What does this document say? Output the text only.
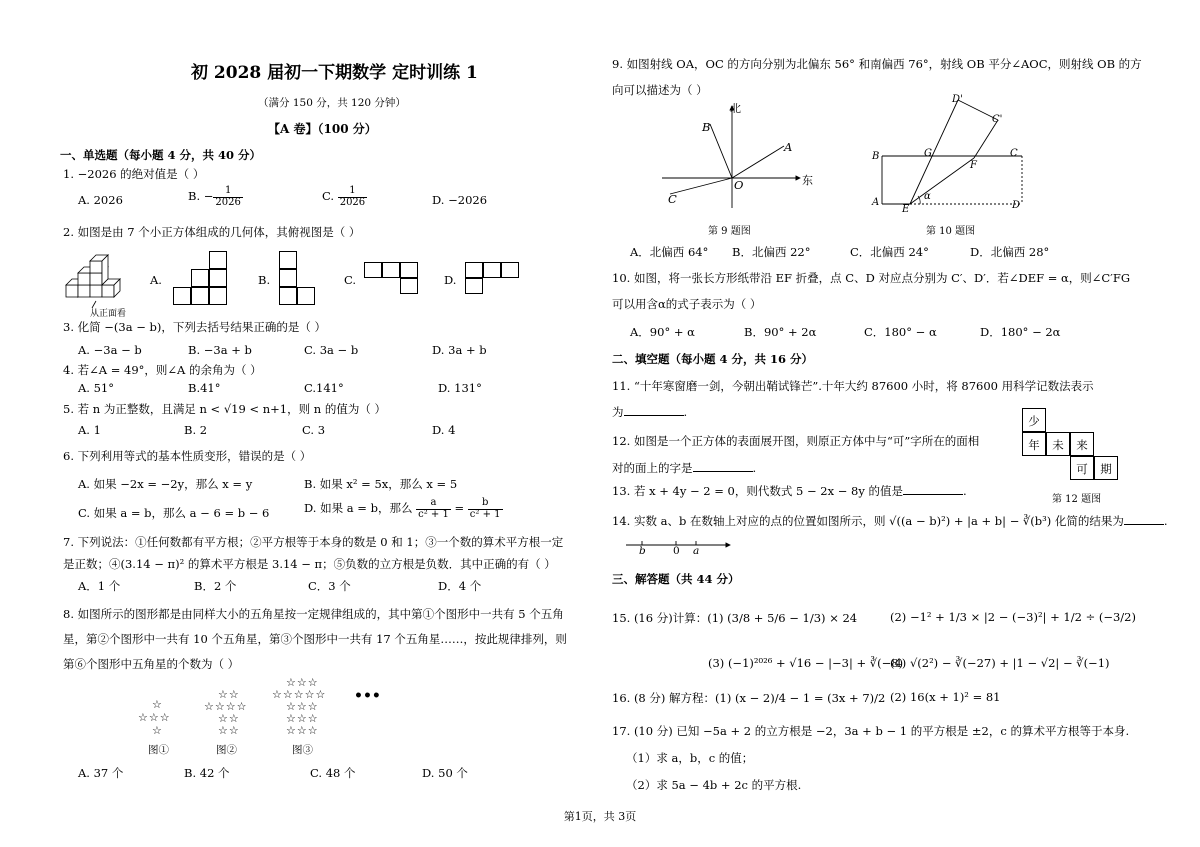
初 2028 届初一下期数学 定时训练 1
（满分 150 分，共 120 分钟）
【A 卷】（100 分）
一、单选题（每小题 4 分，共 40 分）
1. −2026 的绝对值是（ ）
A. 2026	B. − $\frac{1}{2026}$	C. $\frac{1}{2026}$	D. −2026
2. 如图是由 7 个小正方体组成的几何体，其俯视图是（ ）
从正面看
A.	B.	C.	D.
3. 化简 −(3a − b)，下列去括号结果正确的是（ ）
A. −3a − b	B. −3a + b	C. 3a − b	D. 3a + b
4. 若∠A = 49°，则∠A 的余角为（ ）
A. 51°	B.41°	C.141°	D. 131°
5. 若 n 为正整数，且满足 n < √19 < n+1，则 n 的值为（ ）
A. 1	B. 2	C. 3	D. 4
6. 下列利用等式的基本性质变形，错误的是（ ）
A. 如果 −2x = −2y，那么 x = y	B. 如果 x² = 5x，那么 x = 5
C. 如果 a = b，那么 a − 6 = b − 6	D. 如果 a = b，那么 $\frac{a}{\text{c² + 1}} = \frac{b}{\text{c² + 1}}$
7. 下列说法：①任何数都有平方根；②平方根等于本身的数是 0 和 1；③一个数的算术平方根一定
是正数；④(3.14 − π)² 的算术平方根是 3.14 − π；⑤负数的立方根是负数．其中正确的有（ ）
A．1 个	B．2 个	C．3 个	D．4 个
8. 如图所示的图形都是由同样大小的五角星按一定规律组成的，其中第①个图形中一共有 5 个五角
星，第②个图形中一共有 10 个五角星，第③个图形中一共有 17 个五角星……，按此规律排列，则
第⑥个图形中五角星的个数为（ ）
☆
☆☆☆
☆
图①
☆☆
☆☆☆☆
☆☆
☆☆
图②
☆☆☆
☆☆☆☆☆
☆☆☆
☆☆☆
☆☆☆
图③
•••
A. 37 个	B. 42 个	C. 48 个	D. 50 个
9. 如图射线 OA，OC 的方向分别为北偏东 56° 和南偏西 76°，射线 OB 平分∠AOC，则射线 OB 的方
向可以描述为（ ）
北
东
A
B
C
O
第 9 题图
D'
C'
B	G	C
F
A
E	D
α
第 10 题图
A．北偏西 64° B．北偏西 22°	C．北偏西 24°	D．北偏西 28°
10. 如图，将一张长方形纸带沿 EF 折叠，点 C、D 对应点分别为 C′、D′．若∠DEF = α，则∠C′FG
可以用含α的式子表示为（ ）
A．90° + α	B．90° + 2α	C．180° − α	D．180° − 2α
二、填空题（每小题 4 分，共 16 分）
11. “十年寒窗磨一剑，今朝出鞘试锋芒”.十年大约 87600 小时，将 87600 用科学记数法表示
为	.
12. 如图是一个正方体的表面展开图，则原正方体中与“可”字所在的面相
对的面上的字是	.
少
年	未	来
可	期
第 12 题图
13. 若 x + 4y − 2 = 0，则代数式 5 − 2x − 8y 的值是	.
14. 实数 a、b 在数轴上对应的点的位置如图所示，则 √((a − b)²) + |a + b| − ∛(b³) 化简的结果为	.
b	0 a
三、解答题（共 44 分）
15. (16 分)计算：(1) (3/8 + 5/6 − 1/3) × 24	(2) −1² + 1/3 × |2 − (−3)²| + 1/2 ÷ (−3/2)
(3) (−1)²⁰²⁶ + √16 − |−3| + ∛(−8)
(4) √(2²) − ∛(−27) + |1 − √2| − ∛(−1)
16. (8 分) 解方程：(1) (x − 2)/4 − 1 = (3x + 7)/2 (2) 16(x + 1)² = 81
17. (10 分) 已知 −5a + 2 的立方根是 −2，3a + b − 1 的平方根是 ±2，c 的算术平方根等于本身.
（1）求 a，b，c 的值；
（2）求 5a − 4b + 2c 的平方根.
第1页，共 3页
